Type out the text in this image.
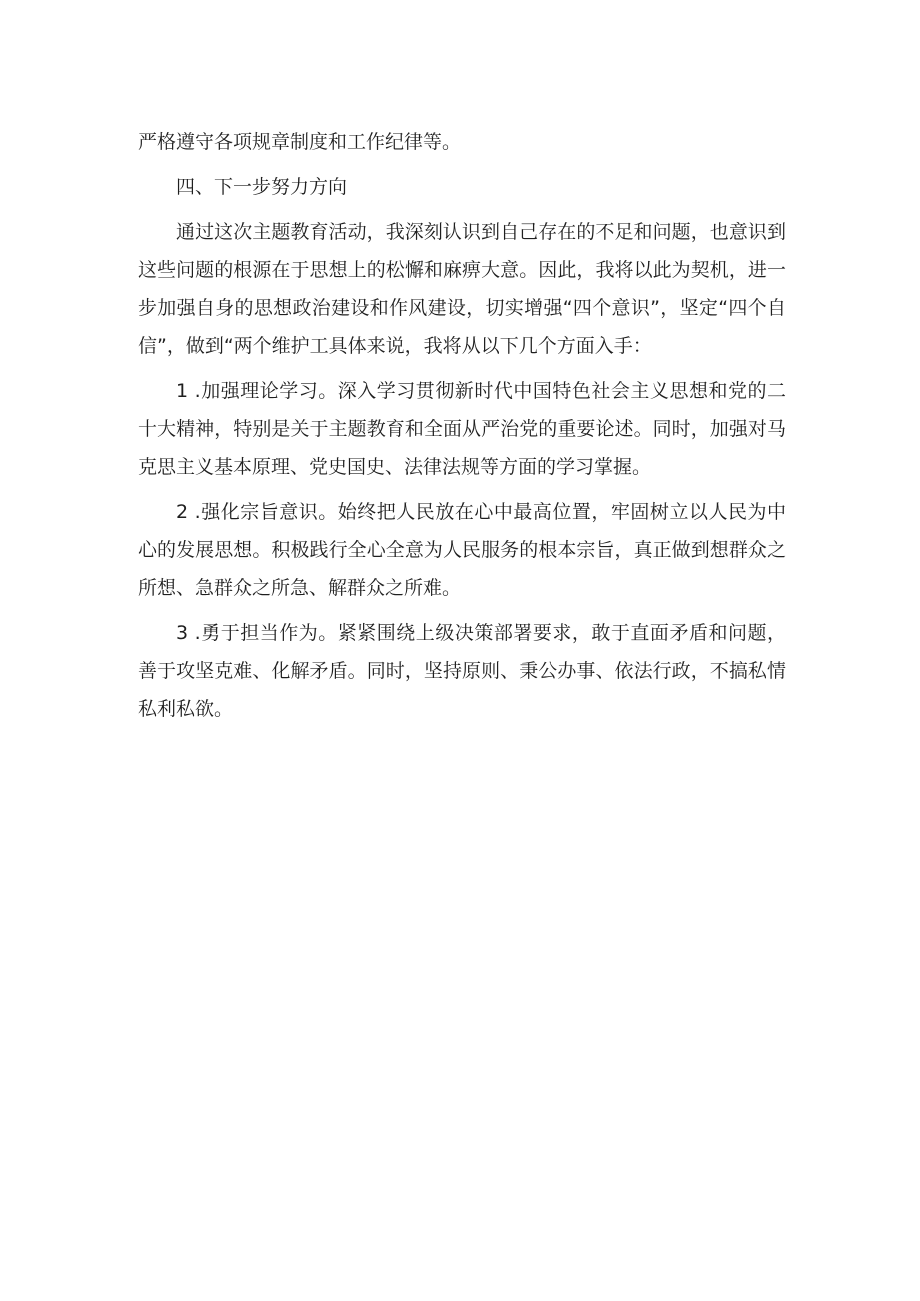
严格遵守各项规章制度和工作纪律等。

四、下一步努力方向

通过这次主题教育活动，我深刻认识到自己存在的不足和问题，也意识到这些问题的根源在于思想上的松懈和麻痹大意。因此，我将以此为契机，进一步加强自身的思想政治建设和作风建设，切实增强“四个意识”，坚定“四个自信”，做到“两个维护工具体来说，我将从以下几个方面入手：

1 .加强理论学习。深入学习贯彻新时代中国特色社会主义思想和党的二十大精神，特别是关于主题教育和全面从严治党的重要论述。同时，加强对马克思主义基本原理、党史国史、法律法规等方面的学习掌握。

2 .强化宗旨意识。始终把人民放在心中最高位置，牢固树立以人民为中心的发展思想。积极践行全心全意为人民服务的根本宗旨，真正做到想群众之所想、急群众之所急、解群众之所难。

3 .勇于担当作为。紧紧围绕上级决策部署要求，敢于直面矛盾和问题，善于攻坚克难、化解矛盾。同时，坚持原则、秉公办事、依法行政，不搞私情私利私欲。
